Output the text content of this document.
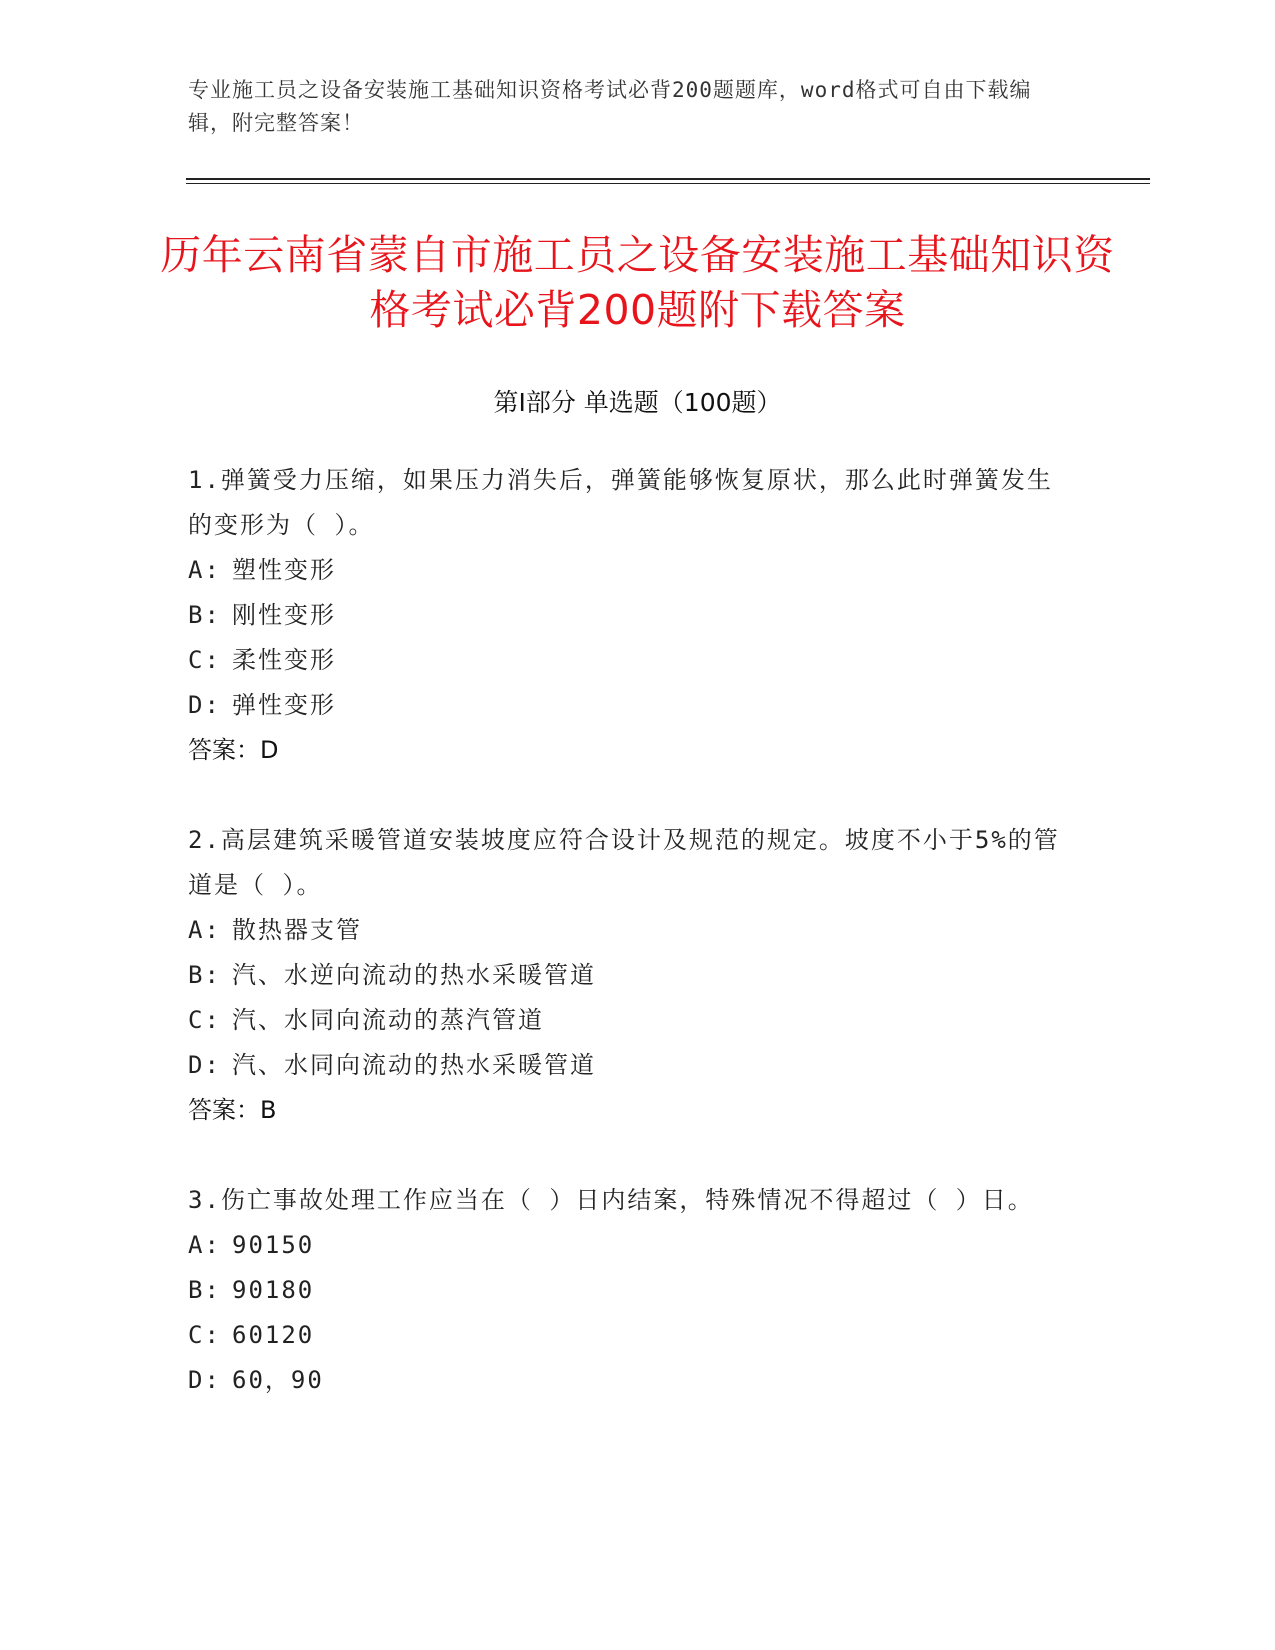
专业施工员之设备安装施工基础知识资格考试必背200题题库，word格式可自由下载编辑，附完整答案！
历年云南省蒙自市施工员之设备安装施工基础知识资格考试必背200题附下载答案
第Ⅰ部分 单选题（100题）

1.弹簧受力压缩，如果压力消失后，弹簧能够恢复原状，那么此时弹簧发生的变形为（ ）。

A: 塑性变形

B: 刚性变形

C: 柔性变形

D: 弹性变形

答案：D

2.高层建筑采暖管道安装坡度应符合设计及规范的规定。坡度不小于5%的管道是（ ）。

A: 散热器支管

B: 汽、水逆向流动的热水采暖管道

C: 汽、水同向流动的蒸汽管道

D: 汽、水同向流动的热水采暖管道

答案：B

3.伤亡事故处理工作应当在（ ）日内结案，特殊情况不得超过（ ）日。

A: 90150

B: 90180

C: 60120

D: 60，90
